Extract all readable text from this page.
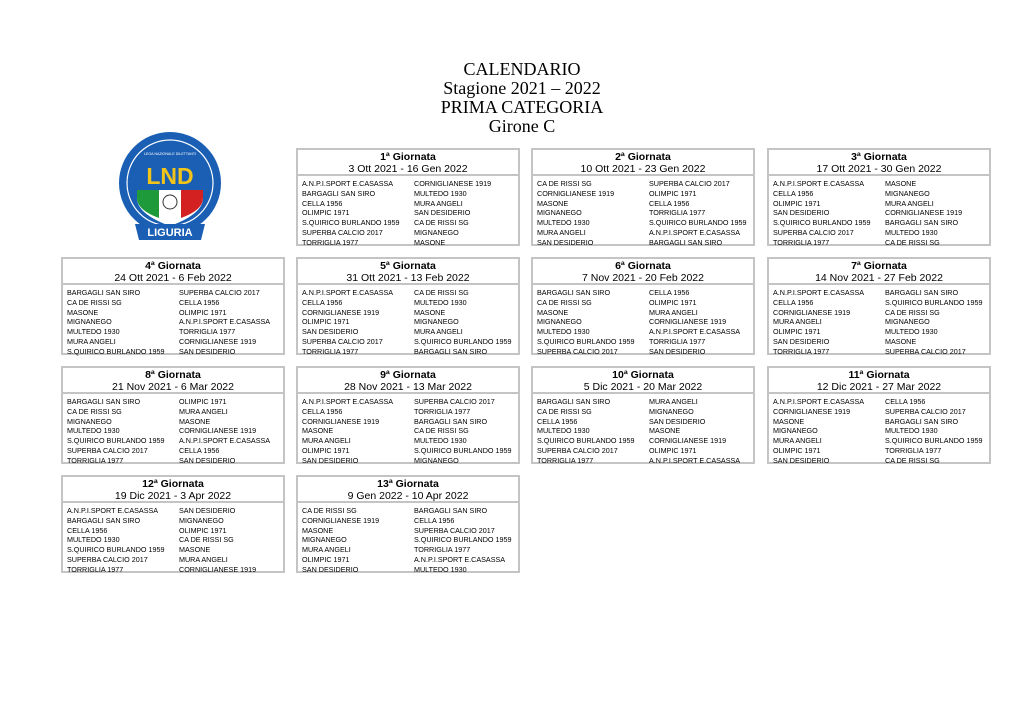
CALENDARIO
Stagione 2021 – 2022
PRIMA CATEGORIA
Girone C
LEGA NAZIONALE DILETTANTI
LND
LIGURIA
1ª Giornata
3 Ott 2021 - 16 Gen 2022
A.N.P.I.SPORT E.CASASSA	CORNIGLIANESE 1919
BARGAGLI SAN SIRO	MULTEDO 1930
CELLA 1956	MURA ANGELI
OLIMPIC 1971	SAN DESIDERIO
S.QUIRICO BURLANDO 1959	CA DE RISSI SG
SUPERBA CALCIO 2017	MIGNANEGO
TORRIGLIA 1977	MASONE
2ª Giornata
10 Ott 2021 - 23 Gen 2022
CA DE RISSI SG	SUPERBA CALCIO 2017
CORNIGLIANESE 1919	OLIMPIC 1971
MASONE	CELLA 1956
MIGNANEGO	TORRIGLIA 1977
MULTEDO 1930	S.QUIRICO BURLANDO 1959
MURA ANGELI	A.N.P.I.SPORT E.CASASSA
SAN DESIDERIO	BARGAGLI SAN SIRO
3ª Giornata
17 Ott 2021 - 30 Gen 2022
A.N.P.I.SPORT E.CASASSA	MASONE
CELLA 1956	MIGNANEGO
OLIMPIC 1971	MURA ANGELI
SAN DESIDERIO	CORNIGLIANESE 1919
S.QUIRICO BURLANDO 1959	BARGAGLI SAN SIRO
SUPERBA CALCIO 2017	MULTEDO 1930
TORRIGLIA 1977	CA DE RISSI SG
4ª Giornata
24 Ott 2021 - 6 Feb 2022
BARGAGLI SAN SIRO	SUPERBA CALCIO 2017
CA DE RISSI SG	CELLA 1956
MASONE	OLIMPIC 1971
MIGNANEGO	A.N.P.I.SPORT E.CASASSA
MULTEDO 1930	TORRIGLIA 1977
MURA ANGELI	CORNIGLIANESE 1919
S.QUIRICO BURLANDO 1959	SAN DESIDERIO
5ª Giornata
31 Ott 2021 - 13 Feb 2022
A.N.P.I.SPORT E.CASASSA	CA DE RISSI SG
CELLA 1956	MULTEDO 1930
CORNIGLIANESE 1919	MASONE
OLIMPIC 1971	MIGNANEGO
SAN DESIDERIO	MURA ANGELI
SUPERBA CALCIO 2017	S.QUIRICO BURLANDO 1959
TORRIGLIA 1977	BARGAGLI SAN SIRO
6ª Giornata
7 Nov 2021 - 20 Feb 2022
BARGAGLI SAN SIRO	CELLA 1956
CA DE RISSI SG	OLIMPIC 1971
MASONE	MURA ANGELI
MIGNANEGO	CORNIGLIANESE 1919
MULTEDO 1930	A.N.P.I.SPORT E.CASASSA
S.QUIRICO BURLANDO 1959	TORRIGLIA 1977
SUPERBA CALCIO 2017	SAN DESIDERIO
7ª Giornata
14 Nov 2021 - 27 Feb 2022
A.N.P.I.SPORT E.CASASSA	BARGAGLI SAN SIRO
CELLA 1956	S.QUIRICO BURLANDO 1959
CORNIGLIANESE 1919	CA DE RISSI SG
MURA ANGELI	MIGNANEGO
OLIMPIC 1971	MULTEDO 1930
SAN DESIDERIO	MASONE
TORRIGLIA 1977	SUPERBA CALCIO 2017
8ª Giornata
21 Nov 2021 - 6 Mar 2022
BARGAGLI SAN SIRO	OLIMPIC 1971
CA DE RISSI SG	MURA ANGELI
MIGNANEGO	MASONE
MULTEDO 1930	CORNIGLIANESE 1919
S.QUIRICO BURLANDO 1959	A.N.P.I.SPORT E.CASASSA
SUPERBA CALCIO 2017	CELLA 1956
TORRIGLIA 1977	SAN DESIDERIO
9ª Giornata
28 Nov 2021 - 13 Mar 2022
A.N.P.I.SPORT E.CASASSA	SUPERBA CALCIO 2017
CELLA 1956	TORRIGLIA 1977
CORNIGLIANESE 1919	BARGAGLI SAN SIRO
MASONE	CA DE RISSI SG
MURA ANGELI	MULTEDO 1930
OLIMPIC 1971	S.QUIRICO BURLANDO 1959
SAN DESIDERIO	MIGNANEGO
10ª Giornata
5 Dic 2021 - 20 Mar 2022
BARGAGLI SAN SIRO	MURA ANGELI
CA DE RISSI SG	MIGNANEGO
CELLA 1956	SAN DESIDERIO
MULTEDO 1930	MASONE
S.QUIRICO BURLANDO 1959	CORNIGLIANESE 1919
SUPERBA CALCIO 2017	OLIMPIC 1971
TORRIGLIA 1977	A.N.P.I.SPORT E.CASASSA
11ª Giornata
12 Dic 2021 - 27 Mar 2022
A.N.P.I.SPORT E.CASASSA	CELLA 1956
CORNIGLIANESE 1919	SUPERBA CALCIO 2017
MASONE	BARGAGLI SAN SIRO
MIGNANEGO	MULTEDO 1930
MURA ANGELI	S.QUIRICO BURLANDO 1959
OLIMPIC 1971	TORRIGLIA 1977
SAN DESIDERIO	CA DE RISSI SG
12ª Giornata
19 Dic 2021 - 3 Apr 2022
A.N.P.I.SPORT E.CASASSA	SAN DESIDERIO
BARGAGLI SAN SIRO	MIGNANEGO
CELLA 1956	OLIMPIC 1971
MULTEDO 1930	CA DE RISSI SG
S.QUIRICO BURLANDO 1959	MASONE
SUPERBA CALCIO 2017	MURA ANGELI
TORRIGLIA 1977	CORNIGLIANESE 1919
13ª Giornata
9 Gen 2022 - 10 Apr 2022
CA DE RISSI SG	BARGAGLI SAN SIRO
CORNIGLIANESE 1919	CELLA 1956
MASONE	SUPERBA CALCIO 2017
MIGNANEGO	S.QUIRICO BURLANDO 1959
MURA ANGELI	TORRIGLIA 1977
OLIMPIC 1971	A.N.P.I.SPORT E.CASASSA
SAN DESIDERIO	MULTEDO 1930
